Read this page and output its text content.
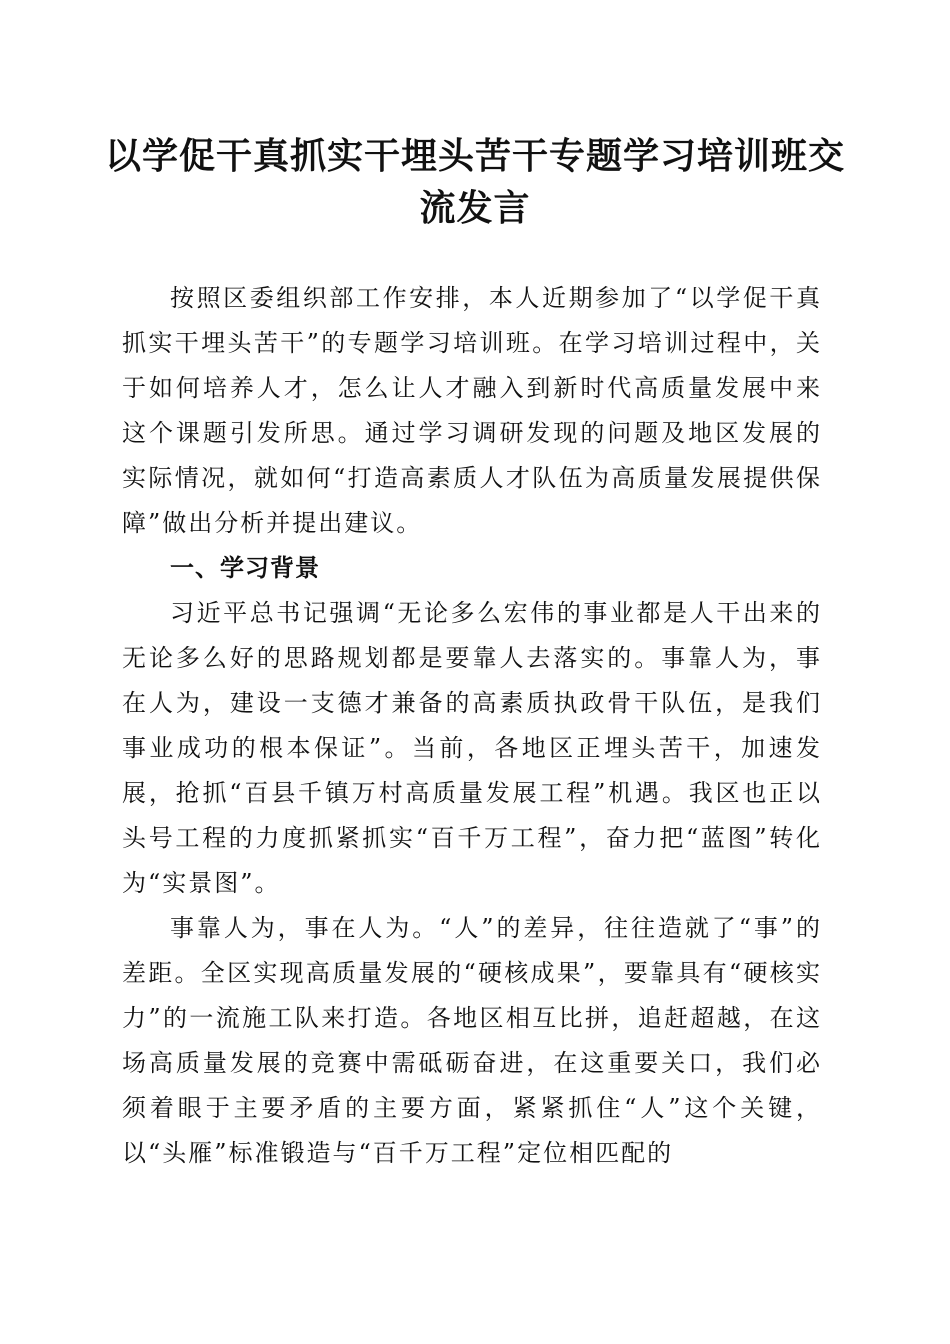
以学促干真抓实干埋头苦干专题学习培训班交流发言

按照区委组织部工作安排，本人近期参加了“以学促干真抓实干埋头苦干”的专题学习培训班。在学习培训过程中，关于如何培养人才，怎么让人才融入到新时代高质量发展中来这个课题引发所思。通过学习调研发现的问题及地区发展的实际情况，就如何“打造高素质人才队伍为高质量发展提供保障”做出分析并提出建议。

一、学习背景

习近平总书记强调“无论多么宏伟的事业都是人干出来的无论多么好的思路规划都是要靠人去落实的。事靠人为，事在人为，建设一支德才兼备的高素质执政骨干队伍，是我们事业成功的根本保证”。当前，各地区正埋头苦干，加速发展，抢抓“百县千镇万村高质量发展工程”机遇。我区也正以头号工程的力度抓紧抓实“百千万工程”，奋力把“蓝图”转化为“实景图”。

事靠人为，事在人为。“人”的差异，往往造就了“事”的差距。全区实现高质量发展的“硬核成果”，要靠具有“硬核实力”的一流施工队来打造。各地区相互比拼，追赶超越，在这场高质量发展的竞赛中需砥砺奋进，在这重要关口，我们必须着眼于主要矛盾的主要方面，紧紧抓住“人”这个关键，以“头雁”标准锻造与“百千万工程”定位相匹配的
